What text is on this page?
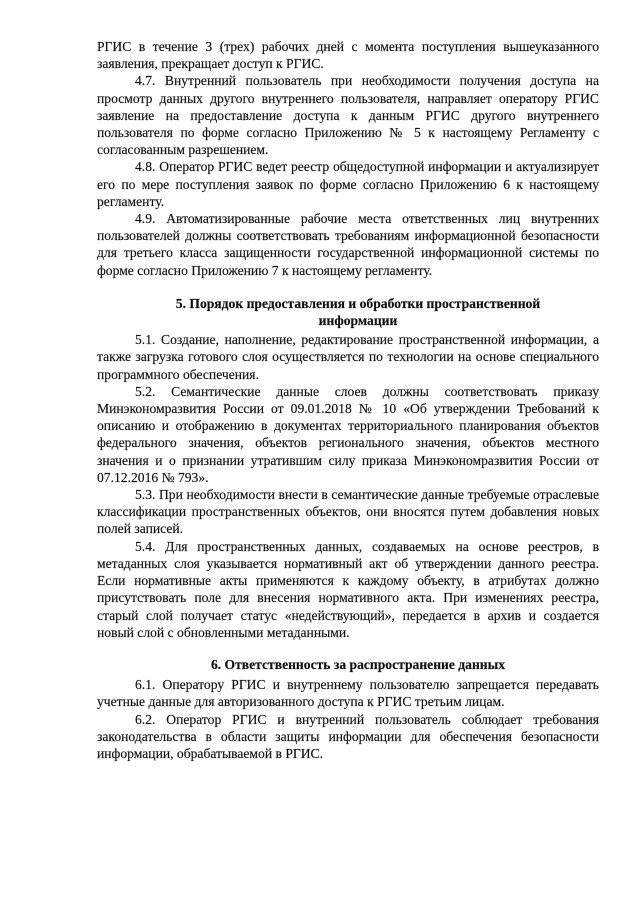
РГИС в течение 3 (трех) рабочих дней с момента поступления вышеуказанного заявления, прекращает доступ к РГИС.

4.7. Внутренний пользователь при необходимости получения доступа на просмотр данных другого внутреннего пользователя, направляет оператору РГИС заявление на предоставление доступа к данным РГИС другого внутреннего пользователя по форме согласно Приложению № 5 к настоящему Регламенту с согласованным разрешением.

4.8. Оператор РГИС ведет реестр общедоступной информации и актуализирует его по мере поступления заявок по форме согласно Приложению 6 к настоящему регламенту.

4.9. Автоматизированные рабочие места ответственных лиц внутренних пользователей должны соответствовать требованиям информационной безопасности для третьего класса защищенности государственной информационной системы по форме согласно Приложению 7 к настоящему регламенту.

5. Порядок предоставления и обработки пространственной
информации

5.1. Создание, наполнение, редактирование пространственной информации, а также загрузка готового слоя осуществляется по технологии на основе специального программного обеспечения.

5.2. Семантические данные слоев должны соответствовать приказу Минэкономразвития России от 09.01.2018 № 10 «Об утверждении Требований к описанию и отображению в документах территориального планирования объектов федерального значения, объектов регионального значения, объектов местного значения и о признании утратившим силу приказа Минэкономразвития России от 07.12.2016 № 793».

5.3. При необходимости внести в семантические данные требуемые отраслевые классификации пространственных объектов, они вносятся путем добавления новых полей записей.

5.4. Для пространственных данных, создаваемых на основе реестров, в метаданных слоя указывается нормативный акт об утверждении данного реестра. Если нормативные акты применяются к каждому объекту, в атрибутах должно присутствовать поле для внесения нормативного акта. При изменениях реестра, старый слой получает статус «недействующий», передается в архив и создается новый слой с обновленными метаданными.

6. Ответственность за распространение данных

6.1. Оператору РГИС и внутреннему пользователю запрещается передавать учетные данные для авторизованного доступа к РГИС третьим лицам.

6.2. Оператор РГИС и внутренний пользователь соблюдает требования законодательства в области защиты информации для обеспечения безопасности информации, обрабатываемой в РГИС.
